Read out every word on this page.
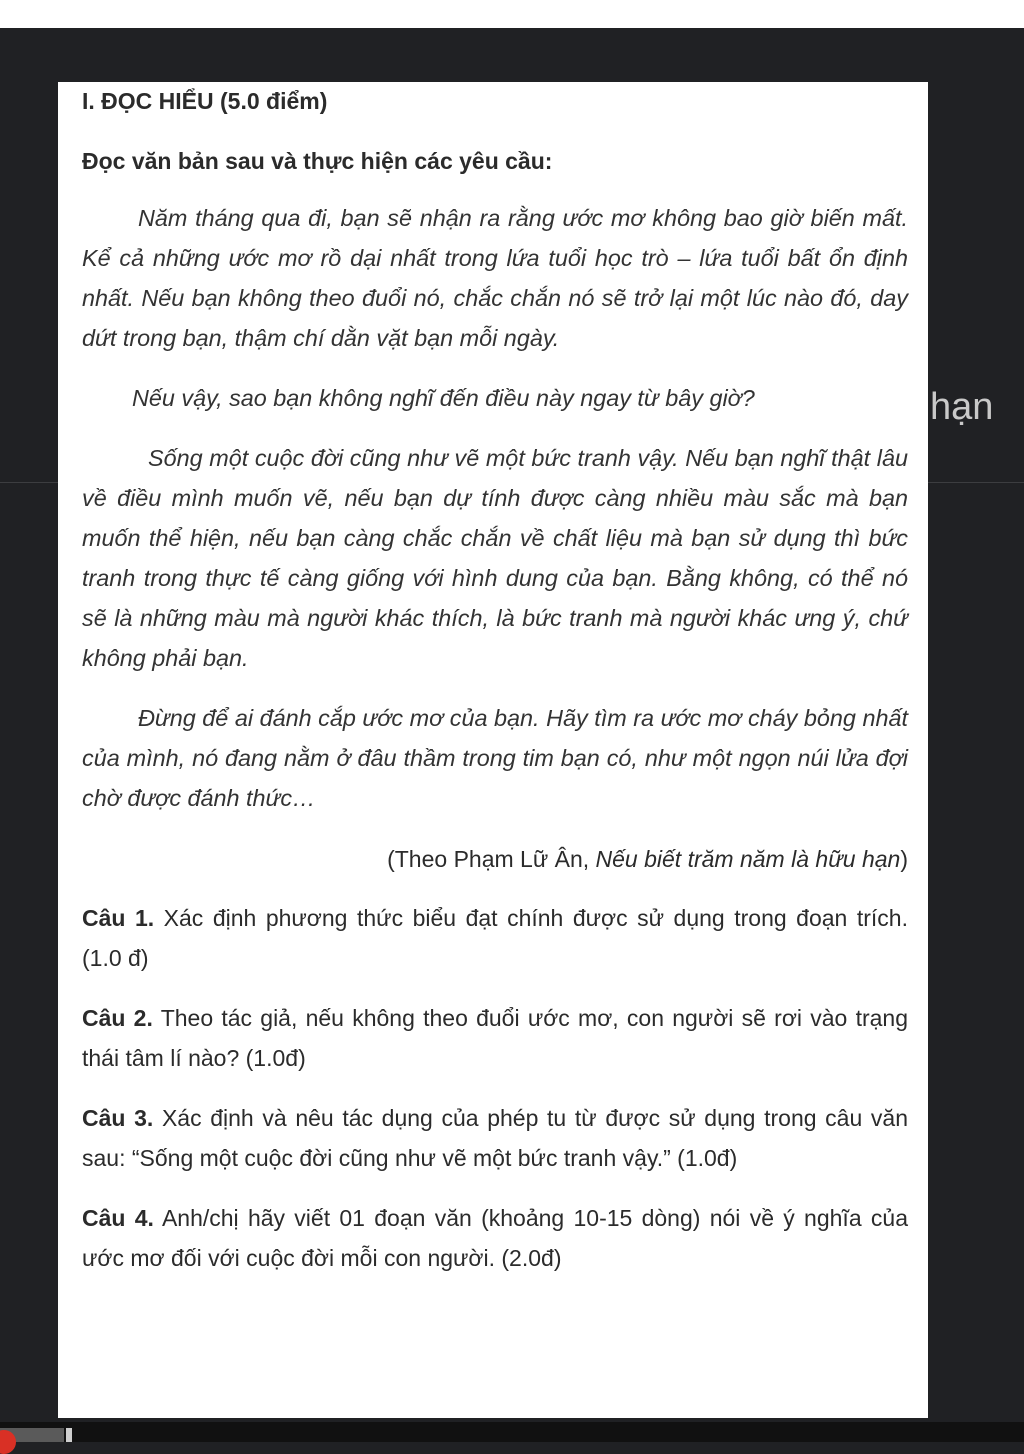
hạn

I. ĐỌC HIỂU (5.0 điểm)

Đọc văn bản sau và thực hiện các yêu cầu:

Năm tháng qua đi, bạn sẽ nhận ra rằng ước mơ không bao giờ biến mất. Kể cả những ước mơ rồ dại nhất trong lứa tuổi học trò – lứa tuổi bất ổn định nhất. Nếu bạn không theo đuổi nó, chắc chắn nó sẽ trở lại một lúc nào đó, day dứt trong bạn, thậm chí dằn vặt bạn mỗi ngày.

Nếu vậy, sao bạn không nghĩ đến điều này ngay từ bây giờ?

Sống một cuộc đời cũng như vẽ một bức tranh vậy. Nếu bạn nghĩ thật lâu về điều mình muốn vẽ, nếu bạn dự tính được càng nhiều màu sắc mà bạn muốn thể hiện, nếu bạn càng chắc chắn về chất liệu mà bạn sử dụng thì bức tranh trong thực tế càng giống với hình dung của bạn. Bằng không, có thể nó sẽ là những màu mà người khác thích, là bức tranh mà người khác ưng ý, chứ không phải bạn.

Đừng để ai đánh cắp ước mơ của bạn. Hãy tìm ra ước mơ cháy bỏng nhất của mình, nó đang nằm ở đâu thầm trong tim bạn có, như một ngọn núi lửa đợi chờ được đánh thức…

(Theo Phạm Lữ Ân, Nếu biết trăm năm là hữu hạn)

Câu 1. Xác định phương thức biểu đạt chính được sử dụng trong đoạn trích. (1.0 đ)

Câu 2. Theo tác giả, nếu không theo đuổi ước mơ, con người sẽ rơi vào trạng thái tâm lí nào? (1.0đ)

Câu 3. Xác định và nêu tác dụng của phép tu từ được sử dụng trong câu văn sau: “Sống một cuộc đời cũng như vẽ một bức tranh vậy.” (1.0đ)

Câu 4. Anh/chị hãy viết 01 đoạn văn (khoảng 10-15 dòng) nói về ý nghĩa của ước mơ đối với cuộc đời mỗi con người. (2.0đ)
